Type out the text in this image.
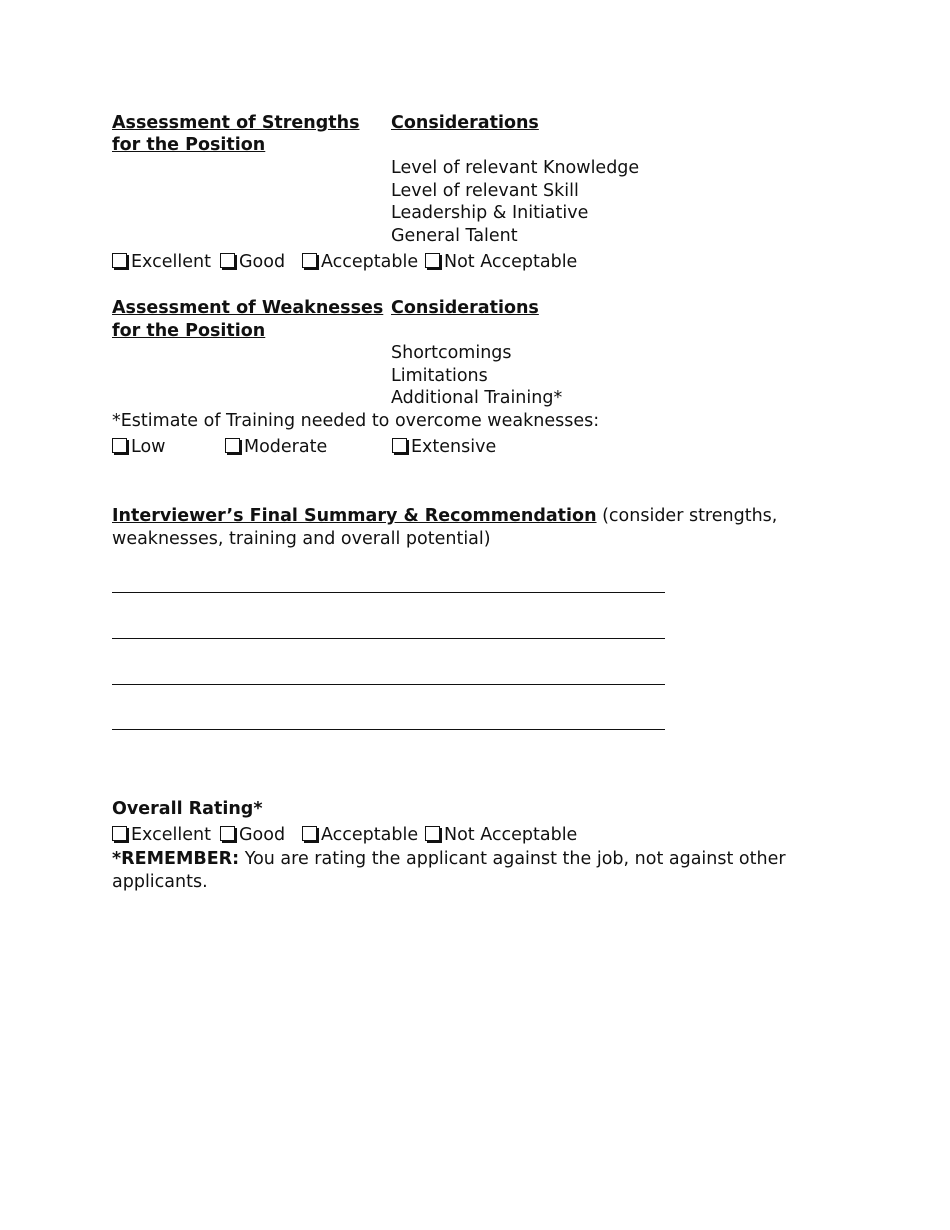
Assessment of Strengths
for the Position
Considerations
Level of relevant Knowledge
Level of relevant Skill
Leadership & Initiative
General Talent
Excellent	Good	Acceptable	Not Acceptable
Assessment of Weaknesses
for the Position
Considerations
Shortcomings
Limitations
Additional Training*
*Estimate of Training needed to overcome weaknesses:
Low	Moderate	Extensive
Interviewer’s Final Summary & Recommendation (consider strengths,
weaknesses, training and overall potential)
Overall Rating*
Excellent	Good	Acceptable	Not Acceptable
*REMEMBER: You are rating the applicant against the job, not against other
applicants.
